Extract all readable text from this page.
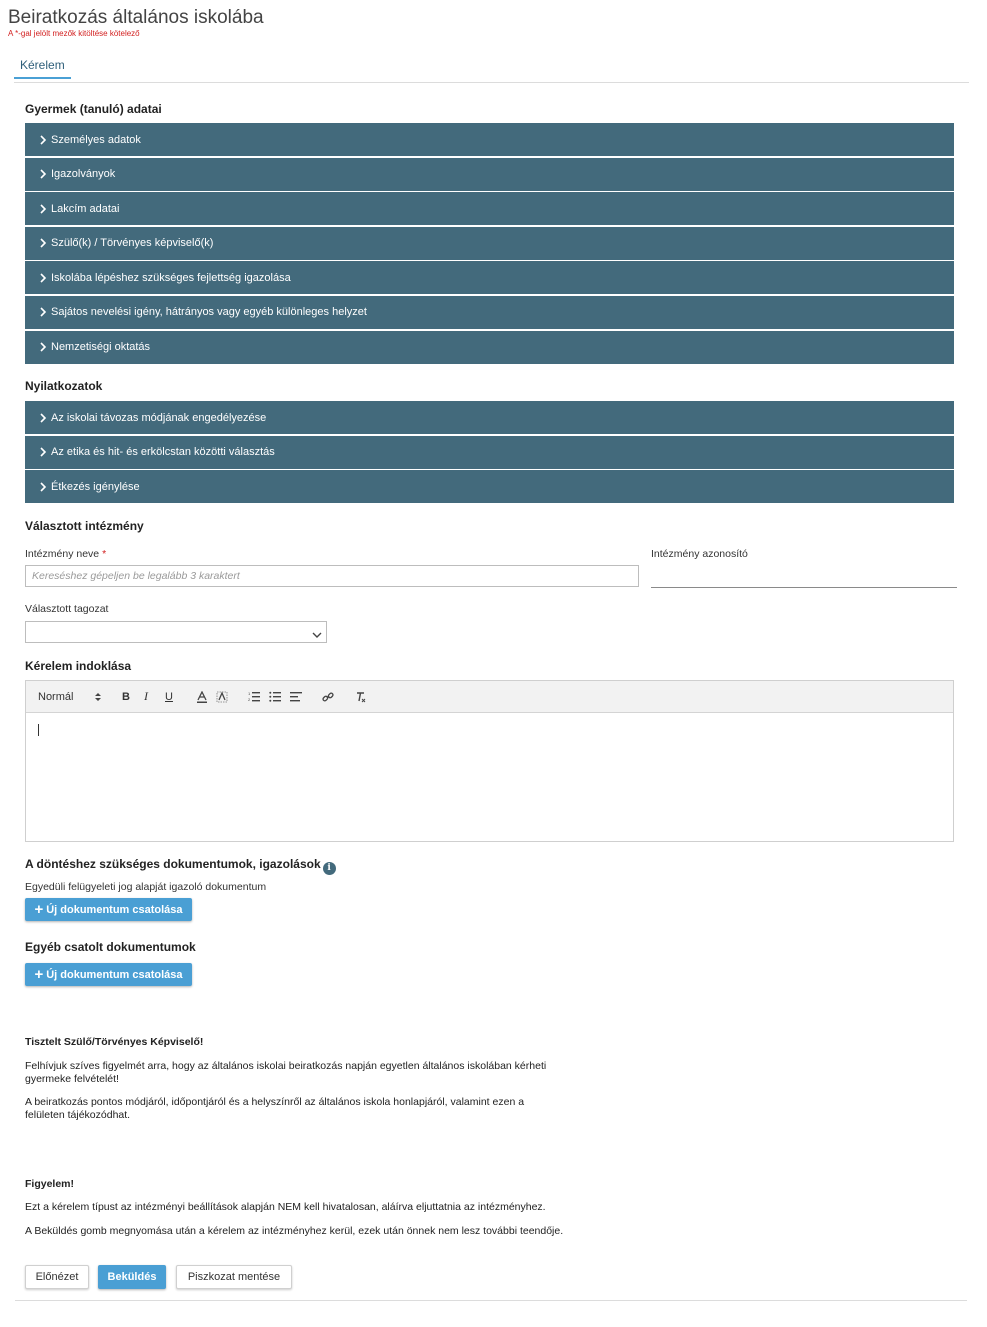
Beiratkozás általános iskolába
A *-gal jelölt mezők kitöltése kötelező
Kérelem
Gyermek (tanuló) adatai
Személyes adatok
Igazolványok
Lakcím adatai
Szülő(k) / Törvényes képviselő(k)
Iskolába lépéshez szükséges fejlettség igazolása
Sajátos nevelési igény, hátrányos vagy egyéb különleges helyzet
Nemzetiségi oktatás
Nyilatkozatok
Az iskolai távozas módjának engedélyezése
Az etika és hit- és erkölcstan közötti választás
Étkezés igénylése
Választott intézmény
Intézmény neve *
Kereséshez gépeljen be legalább 3 karaktert	Intézmény azonosító
Választott tagozat
Kérelem indoklása
Normál	B I U	1
2
A döntéshez szükséges dokumentumok, igazolások i
Egyedüli felügyeleti jog alapját igazoló dokumentum
+ Új dokumentum csatolása
Egyéb csatolt dokumentumok
+ Új dokumentum csatolása
Tisztelt Szülő/Törvényes Képviselő!
Felhívjuk szíves figyelmét arra, hogy az általános iskolai beiratkozás napján egyetlen általános iskolában kérheti gyermeke felvételét!
A beiratkozás pontos módjáról, időpontjáról és a helyszínről az általános iskola honlapjáról, valamint ezen a felületen tájékozódhat.
Figyelem!
Ezt a kérelem típust az intézményi beállítások alapján NEM kell hivatalosan, aláírva eljuttatnia az intézményhez.
A Beküldés gomb megnyomása után a kérelem az intézményhez kerül, ezek után önnek nem lesz további teendője.
Előnézet	Beküldés	Piszkozat mentése
